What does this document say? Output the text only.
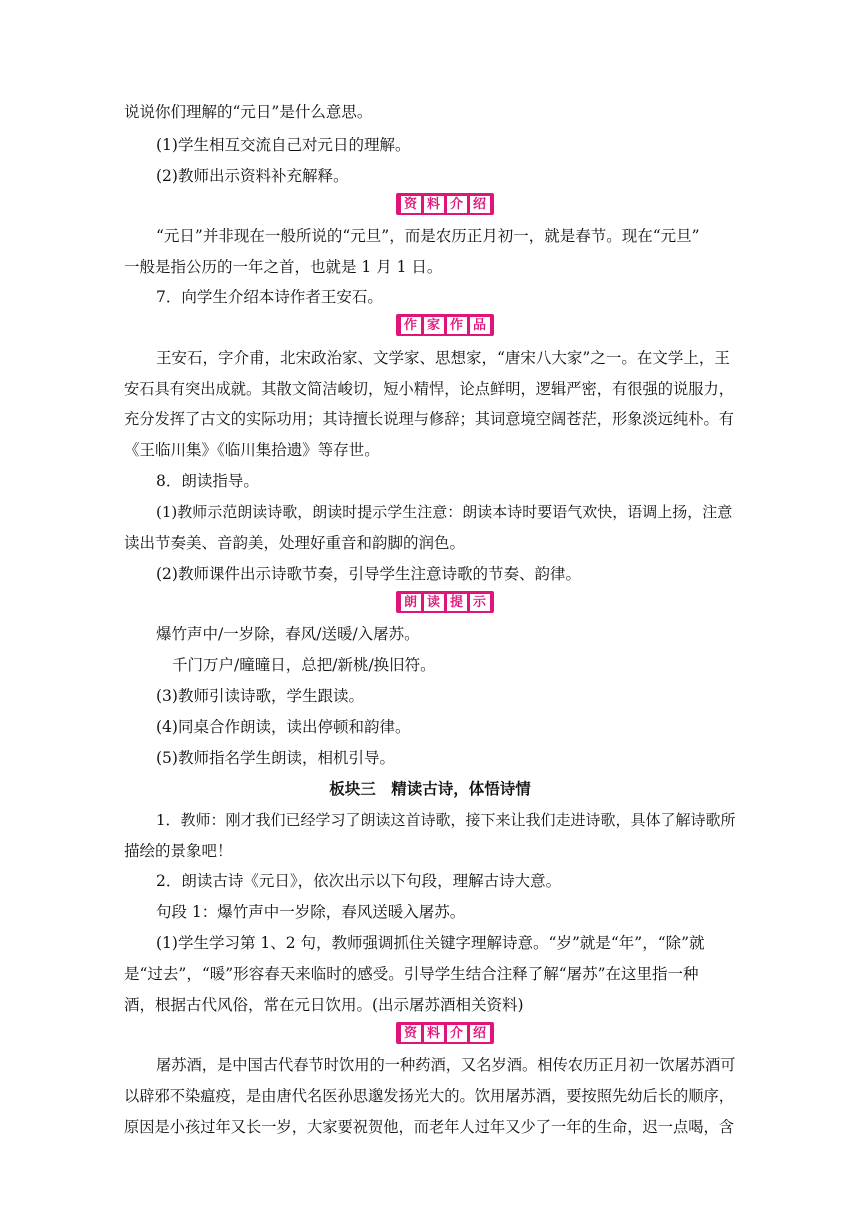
说说你们理解的“元日”是什么意思。
(1)学生相互交流自己对元日的理解。
(2)教师出示资料补充解释。
资 料 介 绍
“元日”并非现在一般所说的“元旦”，而是农历正月初一，就是春节。现在“元旦”
一般是指公历的一年之首，也就是 1 月 1 日。
7．向学生介绍本诗作者王安石。
作 家 作 品
王安石，字介甫，北宋政治家、文学家、思想家，“唐宋八大家”之一。在文学上，王
安石具有突出成就。其散文简洁峻切，短小精悍，论点鲜明，逻辑严密，有很强的说服力，
充分发挥了古文的实际功用；其诗擅长说理与修辞；其词意境空阔苍茫，形象淡远纯朴。有
《王临川集》《临川集拾遗》等存世。
8．朗读指导。
(1)教师示范朗读诗歌，朗读时提示学生注意：朗读本诗时要语气欢快，语调上扬，注意
读出节奏美、音韵美，处理好重音和韵脚的润色。
(2)教师课件出示诗歌节奏，引导学生注意诗歌的节奏、韵律。
朗 读 提 示
爆竹声中/一岁除，春风/送暖/入屠苏。
千门万户/曈曈日，总把/新桃/换旧符。
(3)教师引读诗歌，学生跟读。
(4)同桌合作朗读，读出停顿和韵律。
(5)教师指名学生朗读，相机引导。
板块三　精读古诗，体悟诗情
1．教师：刚才我们已经学习了朗读这首诗歌，接下来让我们走进诗歌，具体了解诗歌所
描绘的景象吧！
2．朗读古诗《元日》，依次出示以下句段，理解古诗大意。
句段 1：爆竹声中一岁除，春风送暖入屠苏。
(1)学生学习第 1、2 句，教师强调抓住关键字理解诗意。“岁”就是“年”，“除”就
是“过去”，“暖”形容春天来临时的感受。引导学生结合注释了解“屠苏”在这里指一种
酒，根据古代风俗，常在元日饮用。(出示屠苏酒相关资料)
资 料 介 绍
屠苏酒，是中国古代春节时饮用的一种药酒，又名岁酒。相传农历正月初一饮屠苏酒可
以辟邪不染瘟疫，是由唐代名医孙思邈发扬光大的。饮用屠苏酒，要按照先幼后长的顺序，
原因是小孩过年又长一岁，大家要祝贺他，而老年人过年又少了一年的生命，迟一点喝，含
